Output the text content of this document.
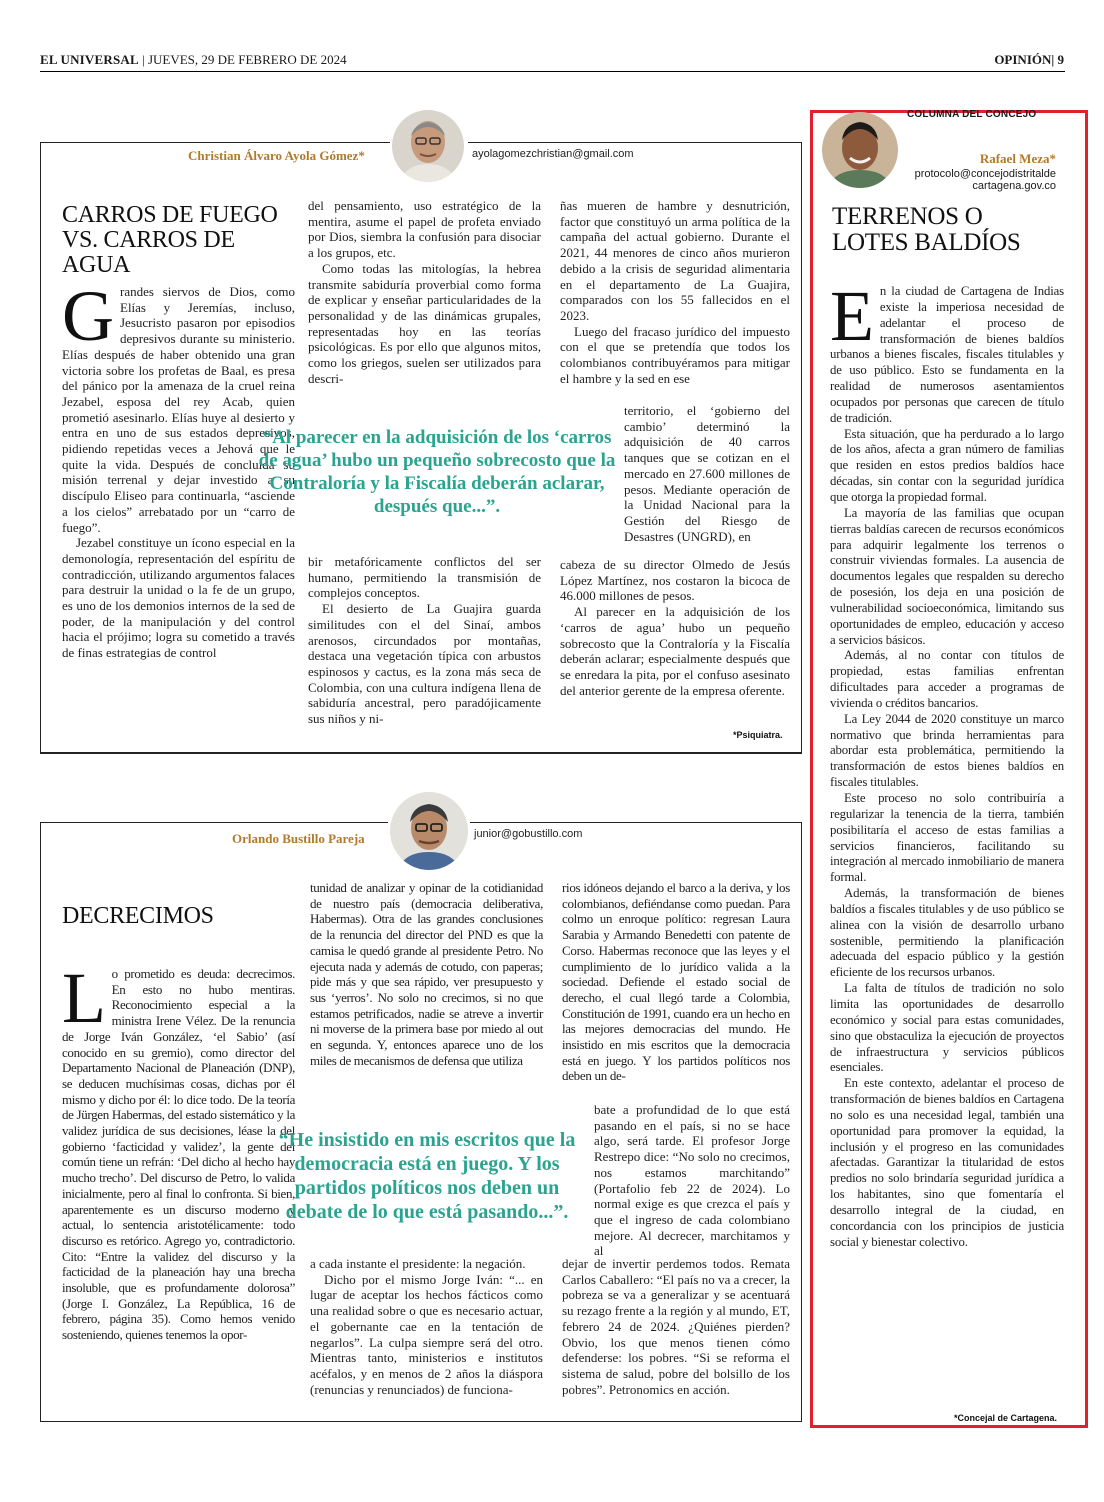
EL UNIVERSAL | JUEVES, 29 DE FEBRERO DE 2024	OPINIÓN| 9
Christian Álvaro Ayola Gómez*	ayolagomezchristian@gmail.com
CARROS DE FUEGO
VS. CARROS DE AGUA

Grandes siervos de Dios, como Elías y Jeremías, incluso, Jesucristo pasaron por episodios depresivos durante su ministerio. Elías después de haber obtenido una gran victoria sobre los profetas de Baal, es presa del pánico por la amenaza de la cruel reina Jezabel, esposa del rey Acab, quien prometió asesinarlo. Elías huye al desierto y entra en uno de sus estados depresivos, pidiendo repetidas veces a Jehová que le quite la vida. Después de concluida su misión terrenal y dejar investido a su discípulo Eliseo para continuarla, “asciende a los cielos” arrebatado por un “carro de fuego”.

Jezabel constituye un ícono especial en la demonología, representación del espíritu de contradicción, utilizando argumentos falaces para destruir la unidad o la fe de un grupo, es uno de los demonios internos de la sed de poder, de la manipulación y del control hacia el prójimo; logra su cometido a través de finas estrategias de control

del pensamiento, uso estratégico de la mentira, asume el papel de profeta enviado por Dios, siembra la confusión para disociar a los grupos, etc.

Como todas las mitologías, la hebrea transmite sabiduría proverbial como forma de explicar y enseñar particularidades de la personalidad y de las dinámicas grupales, representadas hoy en las teorías psicológicas. Es por ello que algunos mitos, como los griegos, suelen ser utilizados para descri-

bir metafóricamente conflictos del ser humano, permitiendo la transmisión de complejos conceptos.

El desierto de La Guajira guarda similitudes con el del Sinaí, ambos arenosos, circundados por montañas, destaca una vegetación típica con arbustos espinosos y cactus, es la zona más seca de Colombia, con una cultura indígena llena de sabiduría ancestral, pero paradójicamente sus niños y ni-

ñas mueren de hambre y desnutrición, factor que constituyó un arma política de la campaña del actual gobierno. Durante el 2021, 44 menores de cinco años murieron debido a la crisis de seguridad alimentaria en el departamento de La Guajira, comparados con los 55 fallecidos en el 2023.

Luego del fracaso jurídico del impuesto con el que se pretendía que todos los colombianos contribuyéramos para mitigar el hambre y la sed en ese

territorio, el ‘gobierno del cambio’ determinó la adquisición de 40 carros tanques que se cotizan en el mercado en 27.600 millones de pesos. Mediante operación de la Unidad Nacional para la Gestión del Riesgo de Desastres (UNGRD), en

cabeza de su director Olmedo de Jesús López Martínez, nos costaron la bicoca de 46.000 millones de pesos.

Al parecer en la adquisición de los ‘carros de agua’ hubo un pequeño sobrecosto que la Contraloría y la Fiscalía deberán aclarar; especialmente después que se enredara la pita, por el confuso asesinato del anterior gerente de la empresa oferente.

“Al parecer en la adquisición de los ‘carros de agua’ hubo un pequeño sobrecosto que la Contraloría y la Fiscalía deberán aclarar, después que...”.
*Psiquiatra.
Orlando Bustillo Pareja	junior@gobustillo.com
DECRECIMOS

Lo prometido es deuda: decrecimos. En esto no hubo mentiras. Reconocimiento especial a la ministra Irene Vélez. De la renuncia de Jorge Iván González, ‘el Sabio’ (así conocido en su gremio), como director del Departamento Nacional de Planeación (DNP), se deducen muchísimas cosas, dichas por él mismo y dicho por él: lo dice todo. De la teoría de Jürgen Habermas, del estado sistemático y la validez jurídica de sus decisiones, léase la del gobierno ‘facticidad y validez’, la gente del común tiene un refrán: ‘Del dicho al hecho hay mucho trecho’. Del discurso de Petro, lo valida inicialmente, pero al final lo confronta. Si bien, aparentemente es un discurso moderno y actual, lo sentencia aristotélicamente: todo discurso es retórico. Agrego yo, contradictorio. Cito: “Entre la validez del discurso y la facticidad de la planeación hay una brecha insoluble, que es profundamente dolorosa” (Jorge I. González, La República, 16 de febrero, página 35). Como hemos venido sosteniendo, quienes tenemos la opor-

tunidad de analizar y opinar de la cotidianidad de nuestro país (democracia deliberativa, Habermas). Otra de las grandes conclusiones de la renuncia del director del PND es que la camisa le quedó grande al presidente Petro. No ejecuta nada y además de cotudo, con paperas; pide más y que sea rápido, ver presupuesto y sus ‘yerros’. No solo no crecimos, si no que estamos petrificados, nadie se atreve a invertir ni moverse de la primera base por miedo al out en segunda. Y, entonces aparece uno de los miles de mecanismos de defensa que utiliza

a cada instante el presidente: la negación.

Dicho por el mismo Jorge Iván: “... en lugar de aceptar los hechos fácticos como una realidad sobre o que es necesario actuar, el gobernante cae en la tentación de negarlos”. La culpa siempre será del otro. Mientras tanto, ministerios e institutos acéfalos, y en menos de 2 años la diáspora (renuncias y renunciados) de funciona-

rios idóneos dejando el barco a la deriva, y los colombianos, defiéndanse como puedan. Para colmo un enroque político: regresan Laura Sarabia y Armando Benedetti con patente de Corso. Habermas reconoce que las leyes y el cumplimiento de lo jurídico valida a la sociedad. Defiende el estado social de derecho, el cual llegó tarde a Colombia, Constitución de 1991, cuando era un hecho en las mejores democracias del mundo. He insistido en mis escritos que la democracia está en juego. Y los partidos políticos nos deben un de-

bate a profundidad de lo que está pasando en el país, si no se hace algo, será tarde. El profesor Jorge Restrepo dice: “No solo no crecimos, nos estamos marchitando” (Portafolio feb 22 de 2024). Lo normal exige es que crezca el país y que el ingreso de cada colombiano mejore. Al decrecer, marchitamos y al

dejar de invertir perdemos todos. Remata Carlos Caballero: “El país no va a crecer, la pobreza se va a generalizar y se acentuará su rezago frente a la región y al mundo, ET, febrero 24 de 2024. ¿Quiénes pierden? Obvio, los que menos tienen cómo defenderse: los pobres. “Si se reforma el sistema de salud, pobre del bolsillo de los pobres”. Petronomics en acción.

“He insistido en mis escritos que la democracia está en juego. Y los partidos políticos nos deben un debate de lo que está pasando...”.
COLUMNA DEL CONCEJO
Rafael Meza*
protocolo@concejodistritalde
cartagena.gov.co
TERRENOS O
LOTES BALDÍOS

En la ciudad de Cartagena de Indias existe la imperiosa necesidad de adelantar el proceso de transformación de bienes baldíos urbanos a bienes fiscales, fiscales titulables y de uso público. Esto se fundamenta en la realidad de numerosos asentamientos ocupados por personas que carecen de título de tradición.

Esta situación, que ha perdurado a lo largo de los años, afecta a gran número de familias que residen en estos predios baldíos hace décadas, sin contar con la seguridad jurídica que otorga la propiedad formal.

La mayoría de las familias que ocupan tierras baldías carecen de recursos económicos para adquirir legalmente los terrenos o construir viviendas formales. La ausencia de documentos legales que respalden su derecho de posesión, los deja en una posición de vulnerabilidad socioeconómica, limitando sus oportunidades de empleo, educación y acceso a servicios básicos.

Además, al no contar con títulos de propiedad, estas familias enfrentan dificultades para acceder a programas de vivienda o créditos bancarios.

La Ley 2044 de 2020 constituye un marco normativo que brinda herramientas para abordar esta problemática, permitiendo la transformación de estos bienes baldíos en fiscales titulables.

Este proceso no solo contribuiría a regularizar la tenencia de la tierra, también posibilitaría el acceso de estas familias a servicios financieros, facilitando su integración al mercado inmobiliario de manera formal.

Además, la transformación de bienes baldíos a fiscales titulables y de uso público se alinea con la visión de desarrollo urbano sostenible, permitiendo la planificación adecuada del espacio público y la gestión eficiente de los recursos urbanos.

La falta de títulos de tradición no solo limita las oportunidades de desarrollo económico y social para estas comunidades, sino que obstaculiza la ejecución de proyectos de infraestructura y servicios públicos esenciales.

En este contexto, adelantar el proceso de transformación de bienes baldíos en Cartagena no solo es una necesidad legal, también una oportunidad para promover la equidad, la inclusión y el progreso en las comunidades afectadas. Garantizar la titularidad de estos predios no solo brindaría seguridad jurídica a los habitantes, sino que fomentaría el desarrollo integral de la ciudad, en concordancia con los principios de justicia social y bienestar colectivo.

*Concejal de Cartagena.
